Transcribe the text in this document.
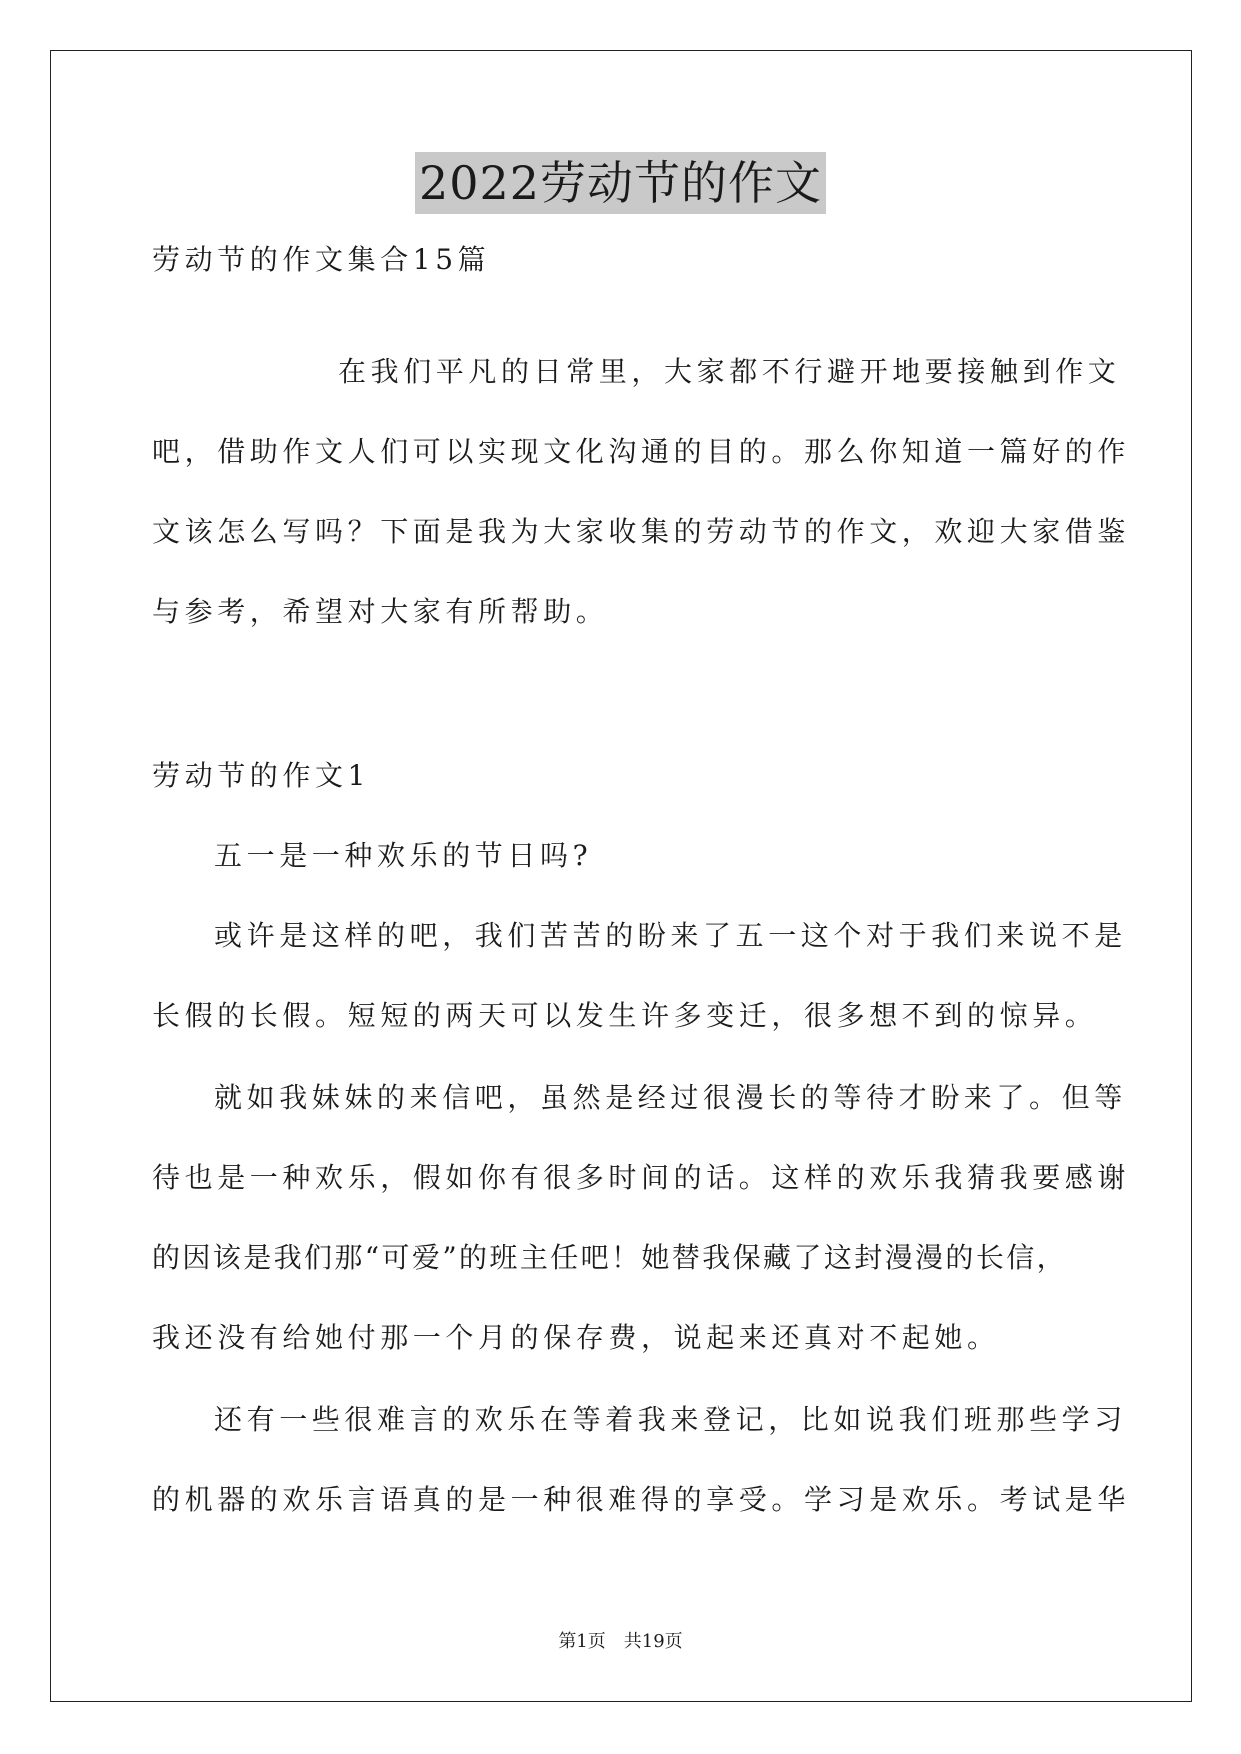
2022劳动节的作文
劳动节的作文集合15篇
在我们平凡的日常里，大家都不行避开地要接触到作文
吧，借助作文人们可以实现文化沟通的目的。那么你知道一篇好的作
文该怎么写吗？下面是我为大家收集的劳动节的作文，欢迎大家借鉴
与参考，希望对大家有所帮助。
劳动节的作文1
五一是一种欢乐的节日吗?
或许是这样的吧，我们苦苦的盼来了五一这个对于我们来说不是
长假的长假。短短的两天可以发生许多变迁，很多想不到的惊异。
就如我妹妹的来信吧，虽然是经过很漫长的等待才盼来了。但等
待也是一种欢乐，假如你有很多时间的话。这样的欢乐我猜我要感谢
的因该是我们那“可爱”的班主任吧！她替我保藏了这封漫漫的长信，
我还没有给她付那一个月的保存费，说起来还真对不起她。
还有一些很难言的欢乐在等着我来登记，比如说我们班那些学习
的机器的欢乐言语真的是一种很难得的享受。学习是欢乐。考试是华
第1页 共19页
